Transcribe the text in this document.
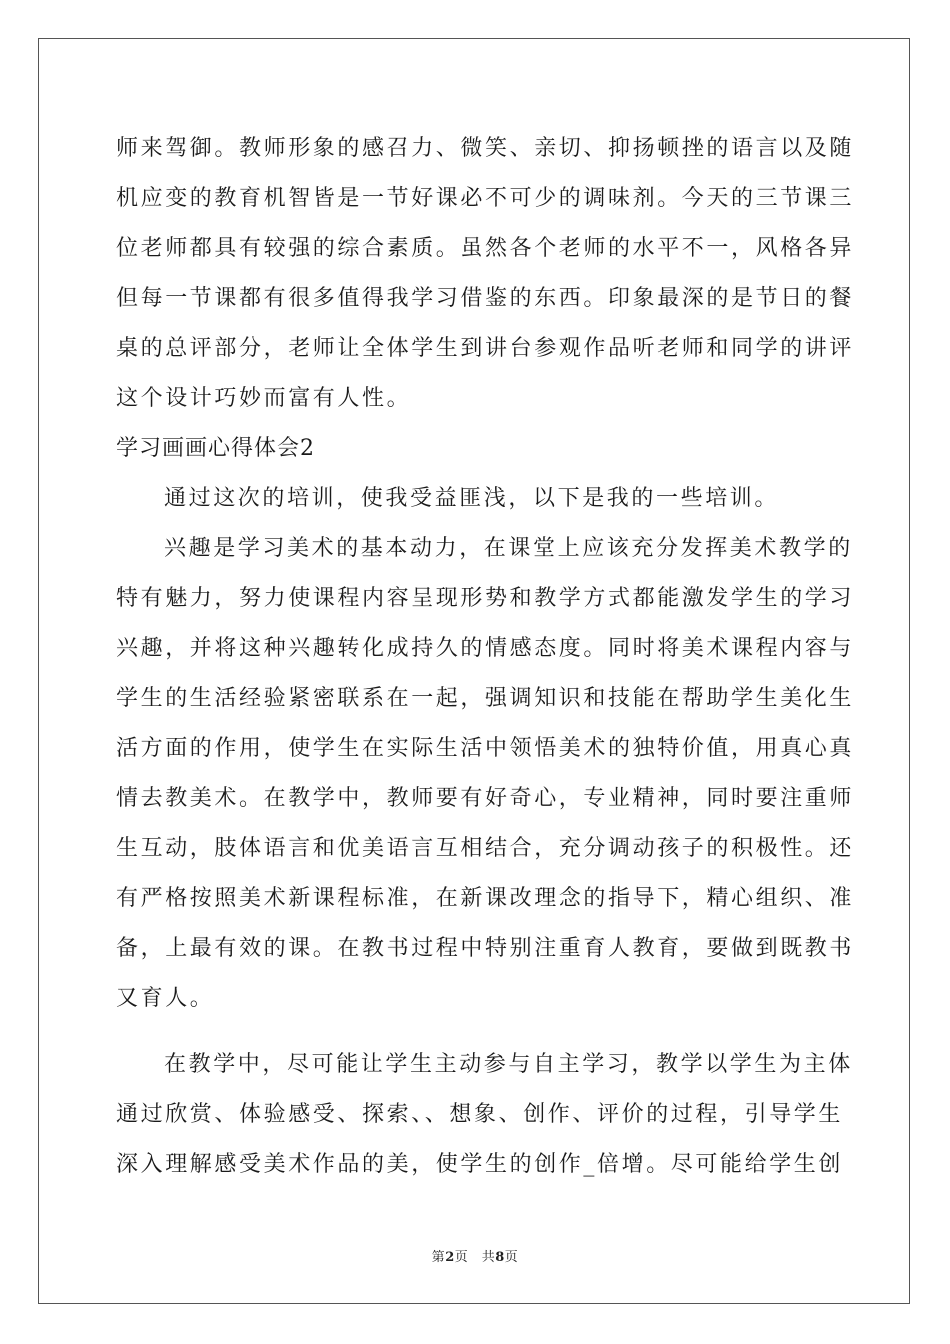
师来驾御。教师形象的感召力、微笑、亲切、抑扬顿挫的语言以及随
机应变的教育机智皆是一节好课必不可少的调味剂。今天的三节课三
位老师都具有较强的综合素质。虽然各个老师的水平不一，风格各异
但每一节课都有很多值得我学习借鉴的东西。印象最深的是节日的餐
桌的总评部分，老师让全体学生到讲台参观作品听老师和同学的讲评
这个设计巧妙而富有人性。
学习画画心得体会2
通过这次的培训，使我受益匪浅，以下是我的一些培训。
兴趣是学习美术的基本动力，在课堂上应该充分发挥美术教学的
特有魅力，努力使课程内容呈现形势和教学方式都能激发学生的学习
兴趣，并将这种兴趣转化成持久的情感态度。同时将美术课程内容与
学生的生活经验紧密联系在一起，强调知识和技能在帮助学生美化生
活方面的作用，使学生在实际生活中领悟美术的独特价值，用真心真
情去教美术。在教学中，教师要有好奇心，专业精神，同时要注重师
生互动，肢体语言和优美语言互相结合，充分调动孩子的积极性。还
有严格按照美术新课程标准，在新课改理念的指导下，精心组织、准
备，上最有效的课。在教书过程中特别注重育人教育，要做到既教书
又育人。
在教学中，尽可能让学生主动参与自主学习，教学以学生为主体
通过欣赏、体验感受、探索、、想象、创作、评价的过程，引导学生
深入理解感受美术作品的美，使学生的创作_倍增。尽可能给学生创
第2页　共8页
